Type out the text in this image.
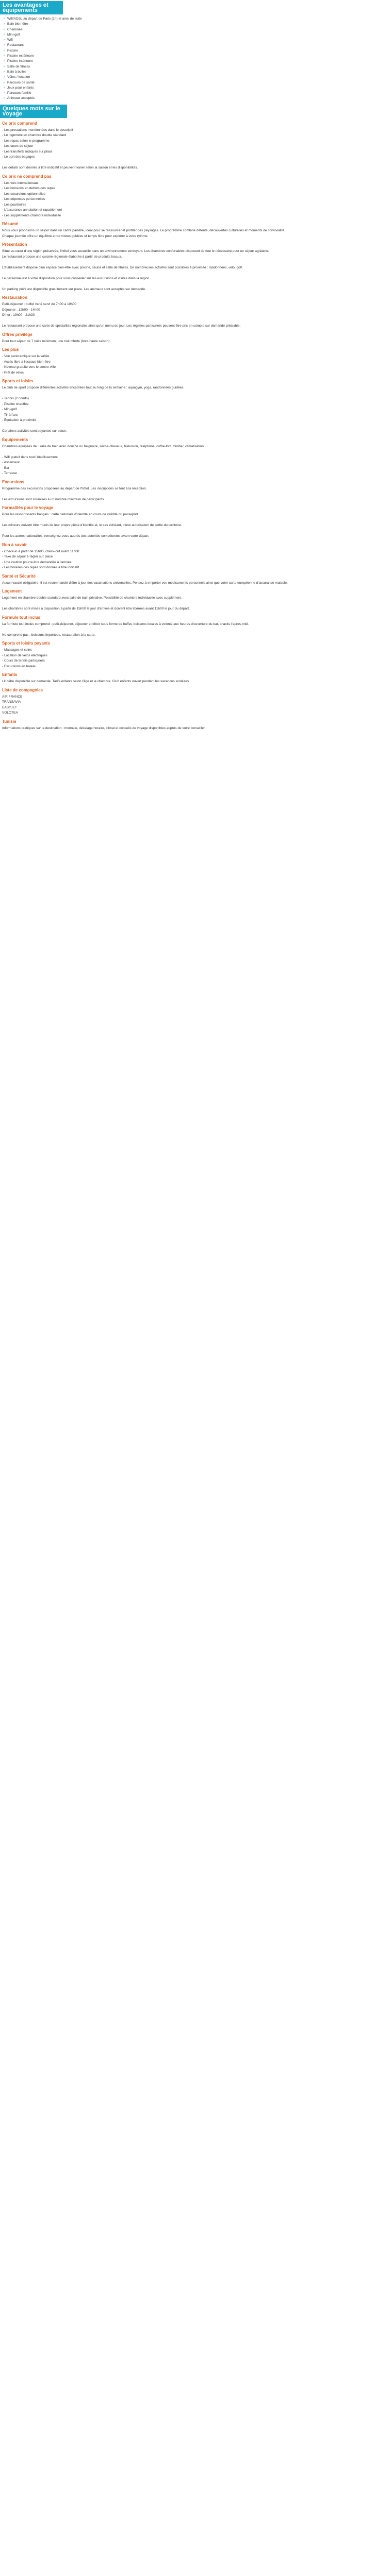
Les avantages et équipements
✓ Wifi/ADSL au départ de Paris (1h) et ainsi de suite
✓ Bain bien-être
✓ Cheminée
✓ Mini-golf
✓ Wifi
✓ Restaurant
✓ Piscine
✓ Piscine extérieure
✓ Piscine intérieure
✓ Salle de fitness
✓ Bain à bulles
✓ Vélos / location
✓ Parcours de santé
✓ Jeux pour enfants
✓ Parcours famille
✓ Animaux acceptés
Quelques mots sur le voyage
Ce prix comprend
- Les prestations mentionnées dans le descriptif
- Le logement en chambre double standard
- Les repas selon le programme
- Les taxes de séjour
- Les transferts indiqués sur place
- Le port des bagages

Les détails sont donnés à titre indicatif et peuvent varier selon la saison et les disponibilités.
Ce prix ne comprend pas
- Les vols internationaux
- Les boissons en dehors des repas
- Les excursions optionnelles
- Les dépenses personnelles
- Les pourboires
- L'assurance annulation et rapatriement
- Les suppléments chambre individuelle
Résumé
Nous vous proposons un séjour dans un cadre paisible, idéal pour se ressourcer et profiter des paysages. Le programme combine détente, découvertes culturelles et moments de convivialité.
Chaque journée offre un équilibre entre visites guidées et temps libre pour explorer à votre rythme.
Présentation
Situé au cœur d'une région préservée, l'hôtel vous accueille dans un environnement verdoyant. Les chambres confortables disposent de tout le nécessaire pour un séjour agréable.
Le restaurant propose une cuisine régionale élaborée à partir de produits locaux.

L'établissement dispose d'un espace bien-être avec piscine, sauna et salle de fitness. De nombreuses activités sont possibles à proximité : randonnées, vélo, golf.

Le personnel est à votre disposition pour vous conseiller sur les excursions et visites dans la région.

Un parking privé est disponible gratuitement sur place. Les animaux sont acceptés sur demande.
Restauration
Petit-déjeuner : buffet varié servi de 7h00 à 10h00
Déjeuner : 12h00 - 14h00
Dîner : 19h00 - 21h30

Le restaurant propose une carte de spécialités régionales ainsi qu'un menu du jour. Les régimes particuliers peuvent être pris en compte sur demande préalable.
Offres privilège
Pour tout séjour de 7 nuits minimum, une nuit offerte (hors haute saison).
Les plus
- Vue panoramique sur la vallée
- Accès libre à l'espace bien-être
- Navette gratuite vers le centre-ville
- Prêt de vélos
Sports et loisirs
Le club de sport propose différentes activités encadrées tout au long de la semaine : aquagym, yoga, randonnées guidées.

- Tennis (2 courts)
- Piscine chauffée
- Mini-golf
- Tir à l'arc
- Équitation à proximité

Certaines activités sont payantes sur place.
Équipements
Chambres équipées de : salle de bain avec douche ou baignoire, sèche-cheveux, télévision, téléphone, coffre-fort, minibar, climatisation.

- Wifi gratuit dans tout l'établissement
- Ascenseur
- Bar
- Terrasse
Excursions
Programme des excursions proposées au départ de l'hôtel. Les inscriptions se font à la réception.

Les excursions sont soumises à un nombre minimum de participants.
Formalités pour le voyage
Pour les ressortissants français : carte nationale d'identité en cours de validité ou passeport.

Les mineurs doivent être munis de leur propre pièce d'identité et, le cas échéant, d'une autorisation de sortie du territoire.

Pour les autres nationalités, renseignez-vous auprès des autorités compétentes avant votre départ.
Bon à savoir
- Check-in à partir de 15h00, check-out avant 11h00
- Taxe de séjour à régler sur place
- Une caution pourra être demandée à l'arrivée
- Les horaires des repas sont donnés à titre indicatif
Santé et Sécurité
Aucun vaccin obligatoire. Il est recommandé d'être à jour des vaccinations universelles. Pensez à emporter vos médicaments personnels ainsi que votre carte européenne d'assurance maladie.
Logement
Logement en chambre double standard avec salle de bain privative. Possibilité de chambre individuelle avec supplément.

Les chambres sont mises à disposition à partir de 15h00 le jour d'arrivée et doivent être libérées avant 11h00 le jour du départ.
Formule tout inclus
La formule tout inclus comprend : petit-déjeuner, déjeuner et dîner sous forme de buffet, boissons locales à volonté aux heures d'ouverture du bar, snacks l'après-midi.

Ne comprend pas : boissons importées, restauration à la carte.
Sports et loisirs payants
- Massages et soins
- Location de vélos électriques
- Cours de tennis particuliers
- Excursions en bateau
Enfants
Lit bébé disponible sur demande. Tarifs enfants selon l'âge et la chambre. Club enfants ouvert pendant les vacances scolaires.
Liste de compagnies
AIR FRANCE
TRANSAVIA
EASYJET
VOLOTEA
Tunisie
Informations pratiques sur la destination : monnaie, décalage horaire, climat et conseils de voyage disponibles auprès de votre conseiller.
